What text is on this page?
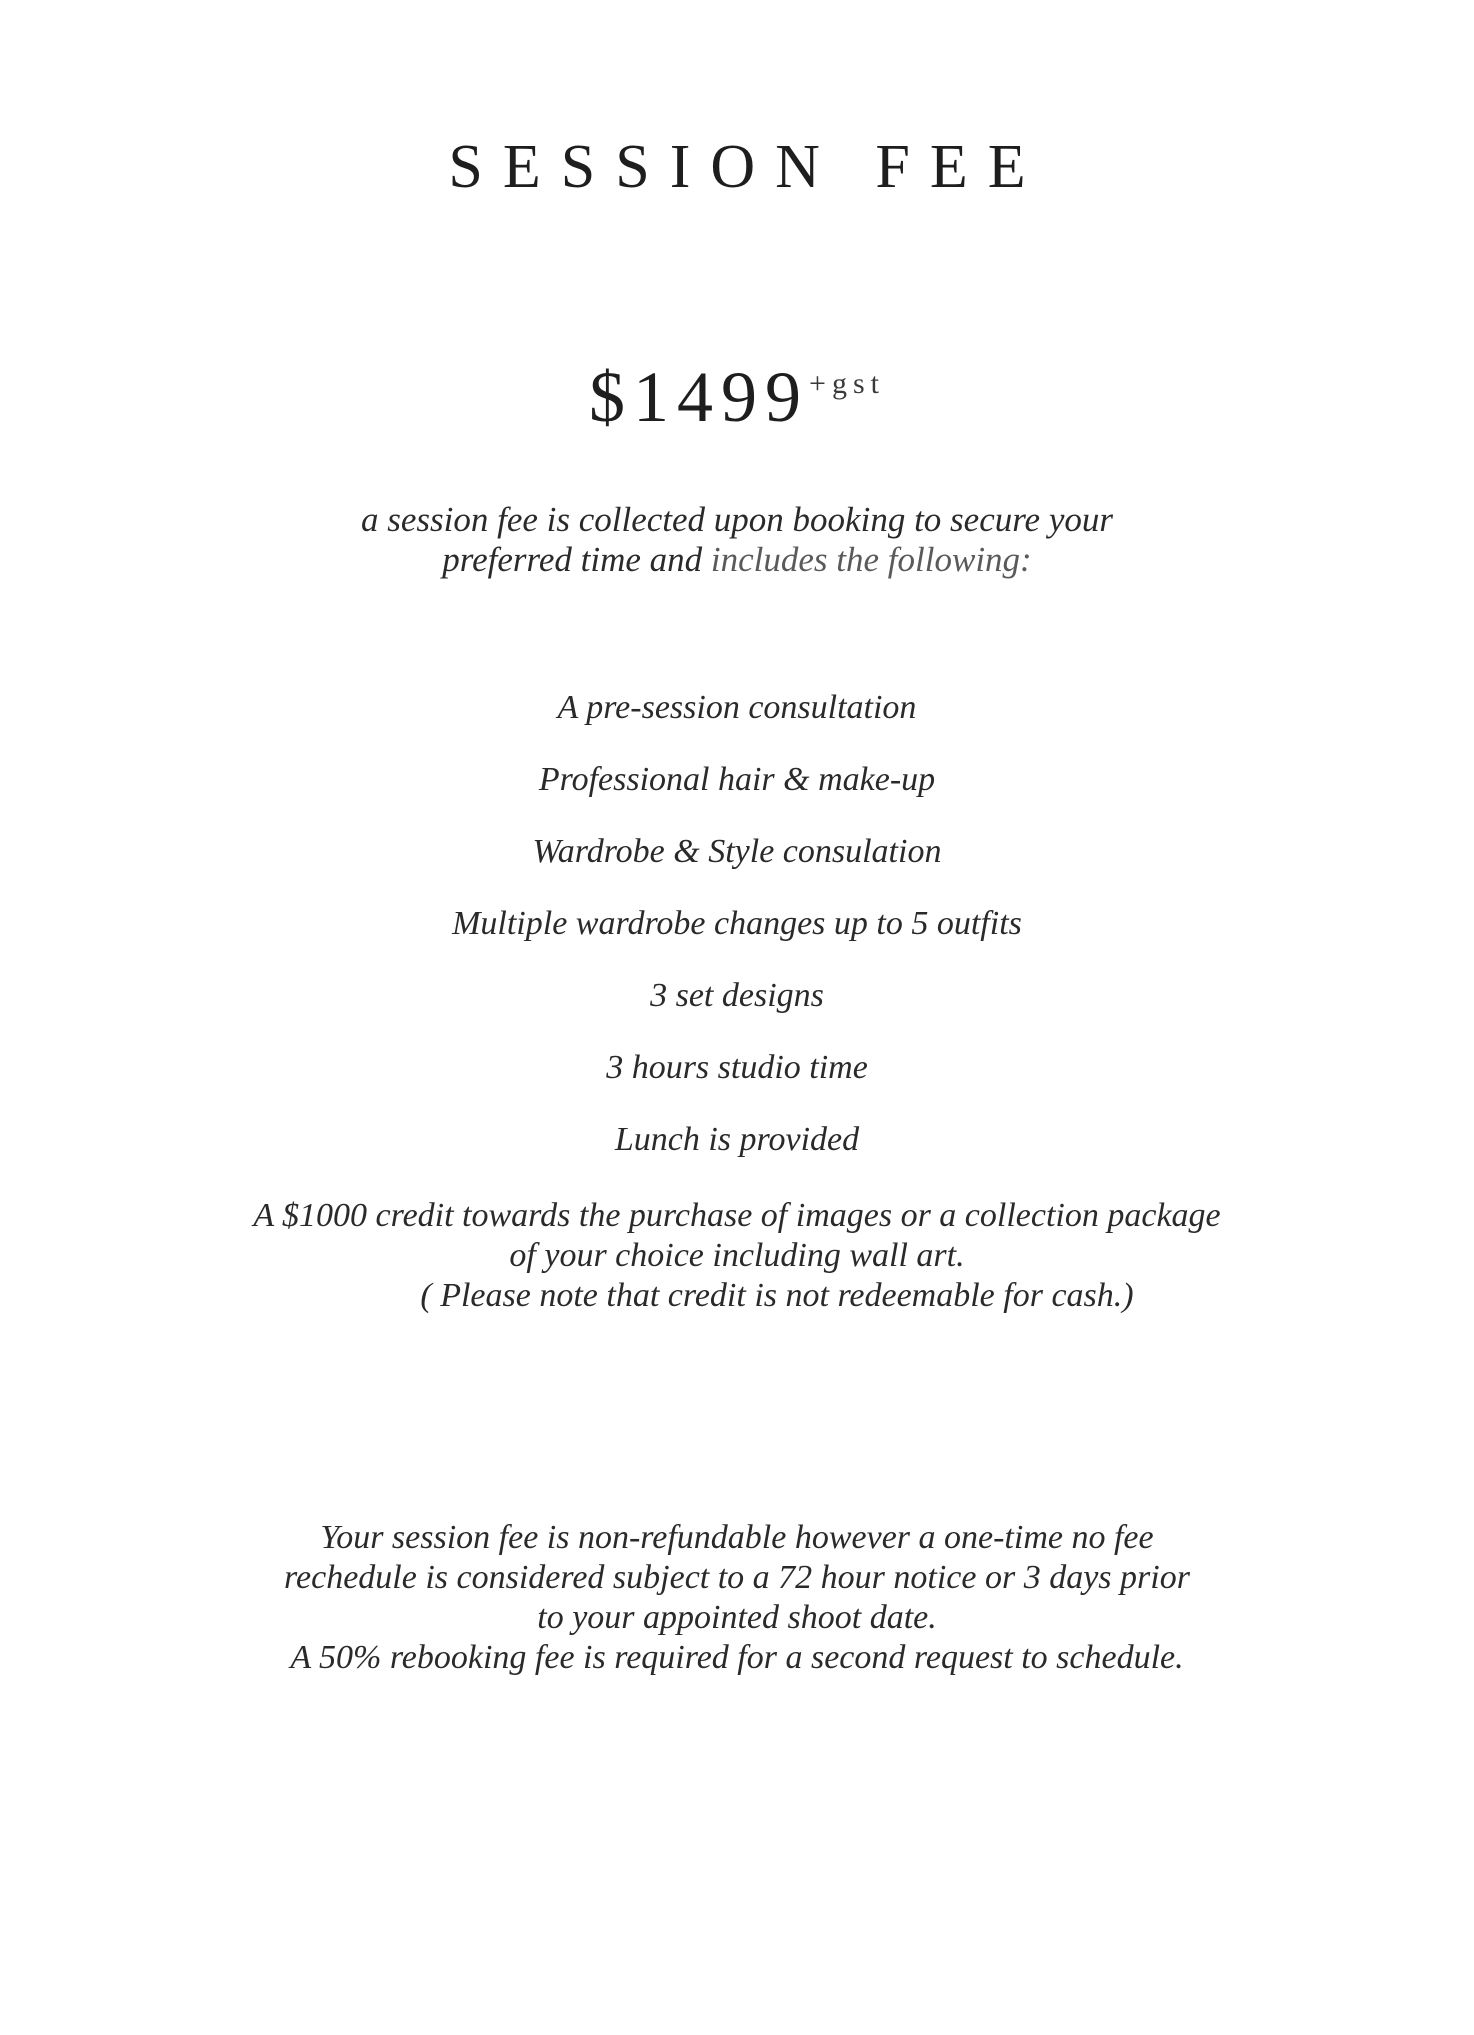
SESSION FEE
$1499+gst
a session fee is collected upon booking to secure your
preferred time and includes the following:
A pre-session consultation
Professional hair & make-up
Wardrobe & Style consulation
Multiple wardrobe changes up to 5 outfits
3 set designs
3 hours studio time
Lunch is provided
A $1000 credit towards the purchase of images or a collection package
of your choice including wall art.
( Please note that credit is not redeemable for cash.)
Your session fee is non-refundable however a one-time no fee
rechedule is considered subject to a 72 hour notice or 3 days prior
to your appointed shoot date.
A 50% rebooking fee is required for a second request to schedule.
